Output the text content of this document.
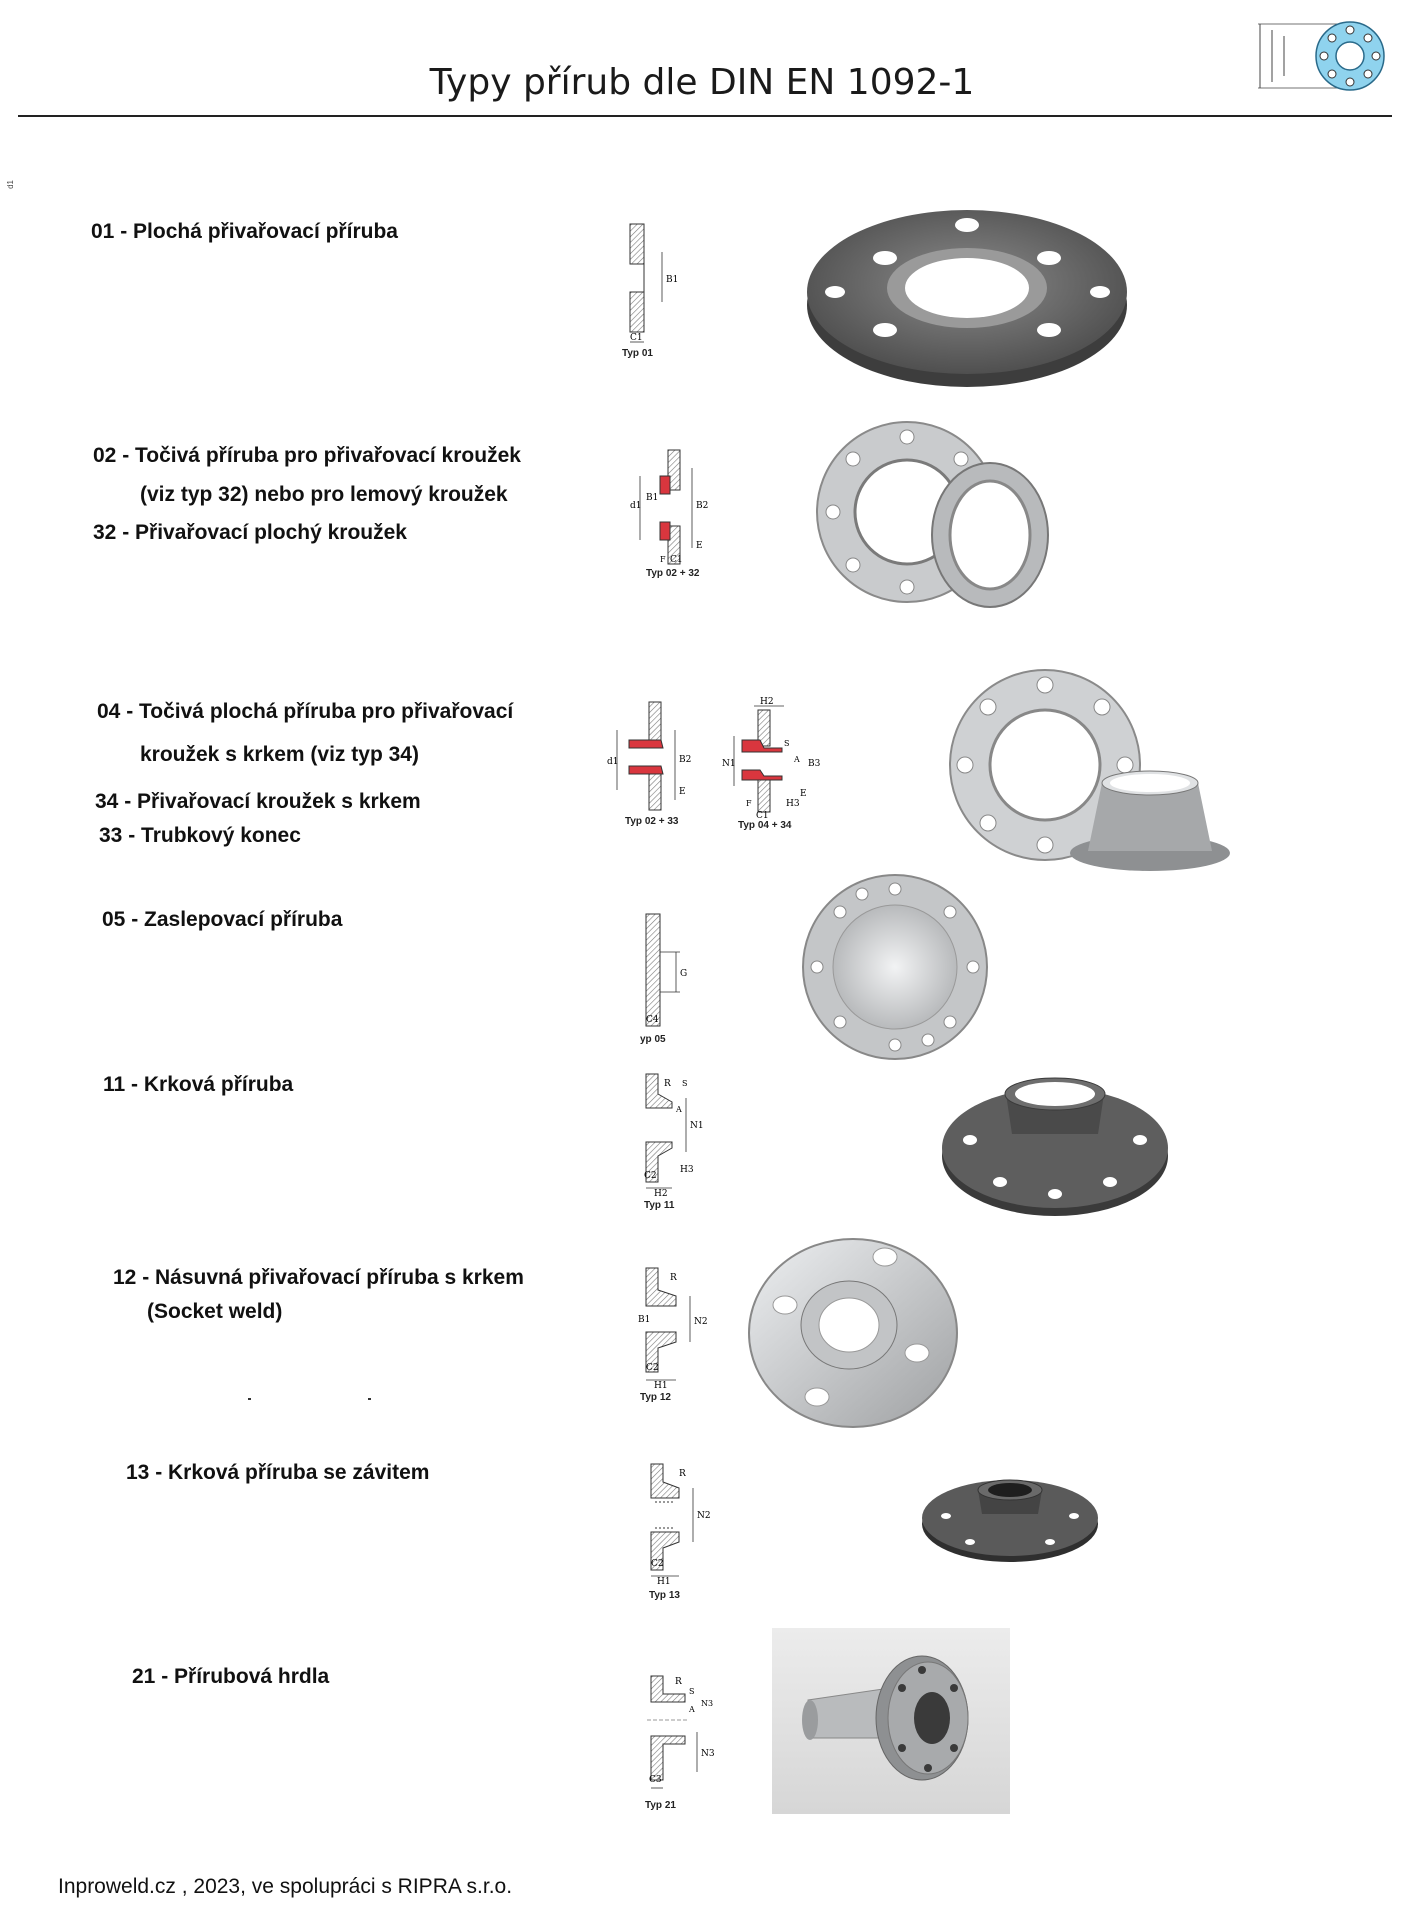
Typy přírub dle DIN EN 1092-1
d1
01 - Plochá přivařovací příruba
B1
C1
Typ 01
02 - Točivá příruba pro přivařovací kroužek
(viz typ 32) nebo pro lemový kroužek
32 - Přivařovací plochý kroužek
d1
B1
B2
E
F C1
Typ 02 + 32
04 - Točivá plochá příruba pro přivařovací
kroužek s krkem (viz typ 34)
34 - Přivařovací kroužek s krkem
33 - Trubkový konec
d1	B2
E
Typ 02 + 33
H2
N1
S
A B3
E
F
C1
H3
Typ 04 + 34
05 - Zaslepovací příruba
G
C4
yp 05
11 - Krková příruba	R S
A
N1
C2
H3
H2
Typ 11
12 - Násuvná přivařovací příruba s krkem
(Socket weld)
R
B1	N2
C2
H1
Typ 12
13 - Krková příruba se závitem	R
N2
C2
H1
Typ 13
21 - Přírubová hrdla	R
S
A
N3
N3
C3
Typ 21
Inproweld.cz , 2023, ve spolupráci s RIPRA s.r.o.
